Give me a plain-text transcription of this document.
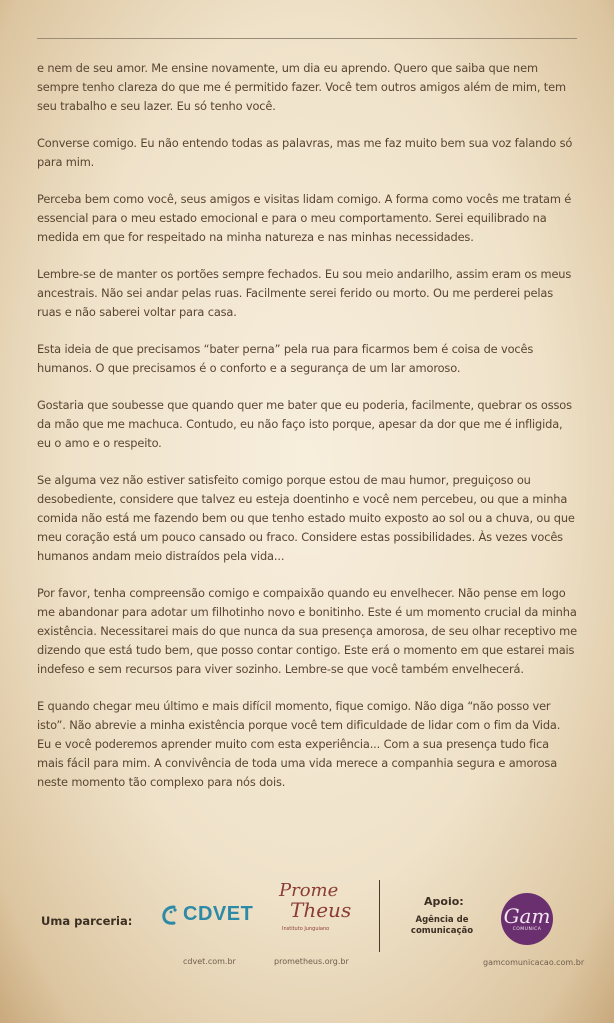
e nem de seu amor. Me ensine novamente, um dia eu aprendo. Quero que saiba que nem sempre tenho clareza do que me é permitido fazer. Você tem outros amigos além de mim, tem seu trabalho e seu lazer. Eu só tenho você.

Converse comigo. Eu não entendo todas as palavras, mas me faz muito bem sua voz falando só para mim.

Perceba bem como você, seus amigos e visitas lidam comigo. A forma como vocês me tratam é essencial para o meu estado emocional e para o meu comportamento. Serei equilibrado na medida em que for respeitado na minha natureza e nas minhas necessidades.

Lembre-se de manter os portões sempre fechados. Eu sou meio andarilho, assim eram os meus ancestrais. Não sei andar pelas ruas. Facilmente serei ferido ou morto. Ou me perderei pelas ruas e não saberei voltar para casa.

Esta ideia de que precisamos “bater perna” pela rua para ficarmos bem é coisa de vocês humanos. O que precisamos é o conforto e a segurança de um lar amoroso.

Gostaria que soubesse que quando quer me bater que eu poderia, facilmente, quebrar os ossos da mão que me machuca. Contudo, eu não faço isto porque, apesar da dor que me é infligida, eu o amo e o respeito.

Se alguma vez não estiver satisfeito comigo porque estou de mau humor, preguiçoso ou desobediente, considere que talvez eu esteja doentinho e você nem percebeu, ou que a minha comida não está me fazendo bem ou que tenho estado muito exposto ao sol ou a chuva, ou que meu coração está um pouco cansado ou fraco. Considere estas possibilidades. Às vezes vocês humanos andam meio distraídos pela vida...

Por favor, tenha compreensão comigo e compaixão quando eu envelhecer. Não pense em logo me abandonar para adotar um filhotinho novo e bonitinho. Este é um momento crucial da minha existência. Necessitarei mais do que nunca da sua presença amorosa, de seu olhar receptivo me dizendo que está tudo bem, que posso contar contigo. Este erá o momento em que estarei mais indefeso e sem recursos para viver sozinho. Lembre-se que você também envelhecerá.

E quando chegar meu último e mais difícil momento, fique comigo. Não diga “não posso ver isto”. Não abrevie a minha existência porque você tem dificuldade de lidar com o fim da Vida. Eu e você poderemos aprender muito com esta experiência... Com a sua presença tudo fica mais fácil para mim. A convivência de toda uma vida merece a companhia segura e amorosa neste momento tão complexo para nós dois.

Uma parceria:	CDVET
cdvet.com.br
Prome
Theus
Instituto Junguiano
prometheus.org.br
Apoio:
Agência de comunicação
Gam
COMUNICA
gamcomunicacao.com.br
